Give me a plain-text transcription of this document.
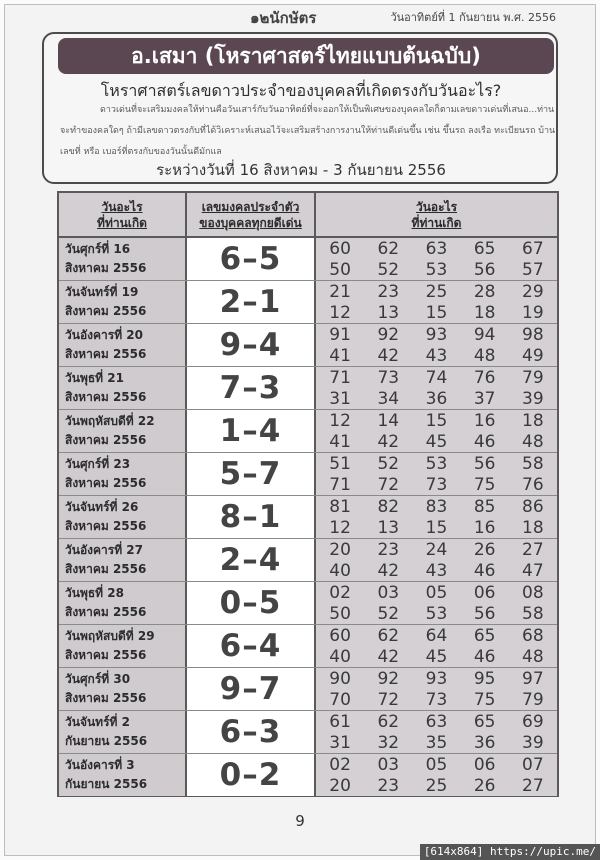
๑๒นักษัตร	วันอาทิตย์ที่ 1 กันยายน พ.ศ. 2556
อ.เสมา (โหราศาสตร์ไทยแบบต้นฉบับ)
โหราศาสตร์เลขดาวประจำของบุคคลที่เกิดตรงกับวันอะไร?
ดาวเด่นที่จะเสริมมงคลให้ท่านคือวันเสาร์กับวันอาทิตย์ที่จะออกให้เป็นพิเศษของบุคคลใดก็ตามเลขดาวเด่นที่เสนอ...ท่านจะทำของคลใดๆ ถ้ามีเลขดาวตรงกับที่ได้วิเคราะห์เสนอไว้จะเสริมสร้างการงานให้ท่านดีเด่นขึ้น เช่น ขึ้นรถ ลงเรือ ทะเบียนรถ บ้านเลขที่ หรือ เบอร์ที่ตรงกับของวันนั้นดีมักแล
ระหว่างวันที่ 16 สิงหาคม - 3 กันยายน 2556
วันอะไร
ที่ท่านเกิด
เลขมงคลประจำตัว
ของบุคคลทุกยดีเด่น
วันอะไร
ที่ท่านเกิด
วันศุกร์ที่ 16
สิงหาคม 2556	6–5	60	62	63	65	67
50	52	53	56	57
วันจันทร์ที่ 19
สิงหาคม 2556	2–1	21	23	25	28	29
12	13	15	18	19
วันอังคารที่ 20
สิงหาคม 2556	9–4	91	92	93	94	98
41	42	43	48	49
วันพุธที่ 21
สิงหาคม 2556	7–3	71	73	74	76	79
31	34	36	37	39
วันพฤหัสบดีที่ 22
สิงหาคม 2556	1–4	12	14	15	16	18
41	42	45	46	48
วันศุกร์ที่ 23
สิงหาคม 2556	5–7	51	52	53	56	58
71	72	73	75	76
วันจันทร์ที่ 26
สิงหาคม 2556	8–1	81	82	83	85	86
12	13	15	16	18
วันอังคารที่ 27
สิงหาคม 2556	2–4	20	23	24	26	27
40	42	43	46	47
วันพุธที่ 28
สิงหาคม 2556	0–5	02	03	05	06	08
50	52	53	56	58
วันพฤหัสบดีที่ 29
สิงหาคม 2556	6–4	60	62	64	65	68
40	42	45	46	48
วันศุกร์ที่ 30
สิงหาคม 2556	9–7	90	92	93	95	97
70	72	73	75	79
วันจันทร์ที่ 2
กันยายน 2556	6–3	61	62	63	65	69
31	32	35	36	39
วันอังคารที่ 3
กันยายน 2556	0–2	02	03	05	06	07
20	23	25	26	27
9
[614x864] https://upic.me/
